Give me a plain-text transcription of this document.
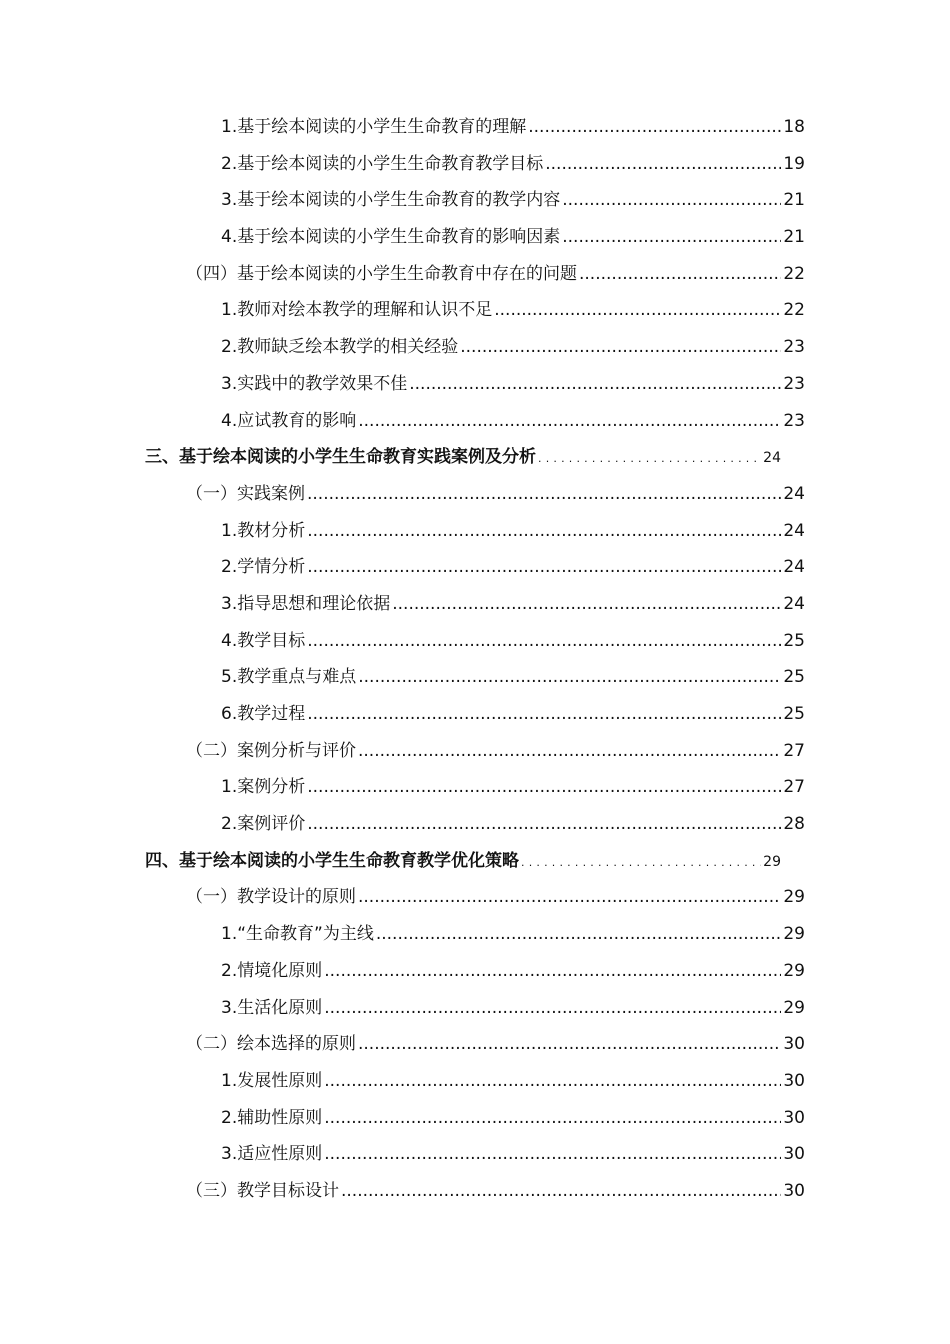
1.基于绘本阅读的小学生生命教育的理解 .....	18
2.基于绘本阅读的小学生生命教育教学目标 .....	19
3.基于绘本阅读的小学生生命教育的教学内容 .....	21
4.基于绘本阅读的小学生生命教育的影响因素 .....	21
（四）基于绘本阅读的小学生生命教育中存在的问题 .....	22
1.教师对绘本教学的理解和认识不足 .....	22
2.教师缺乏绘本教学的相关经验 .....	23
3.实践中的教学效果不佳 .....	23
4.应试教育的影响 .....	23
三、基于绘本阅读的小学生生命教育实践案例及分析 .....	24
（一）实践案例 .....	24
1.教材分析 .....	24
2.学情分析 .....	24
3.指导思想和理论依据 .....	24
4.教学目标 .....	25
5.教学重点与难点 .....	25
6.教学过程 .....	25
（二）案例分析与评价 .....	27
1.案例分析 .....	27
2.案例评价 .....	28
四、基于绘本阅读的小学生生命教育教学优化策略 .....	29
（一）教学设计的原则 .....	29
1.“生命教育”为主线 .....	29
2.情境化原则 .....	29
3.生活化原则 .....	29
（二）绘本选择的原则 .....	30
1.发展性原则 .....	30
2.辅助性原则 .....	30
3.适应性原则 .....	30
（三）教学目标设计 .....	30
